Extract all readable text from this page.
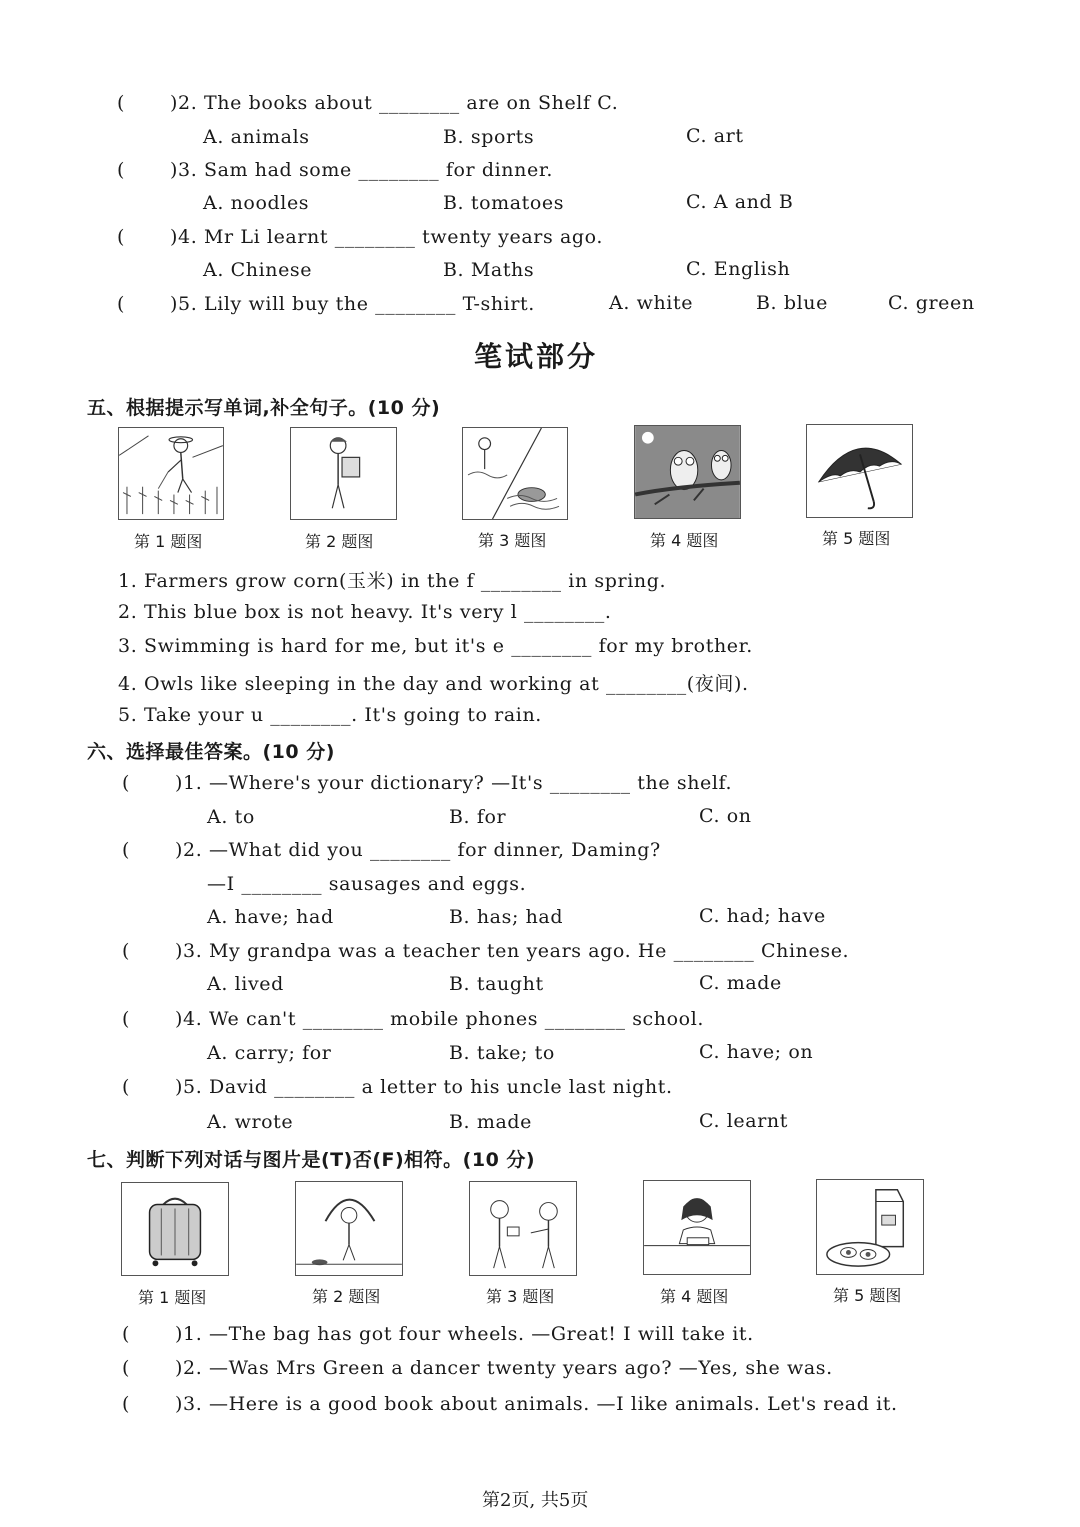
( )2. The books about ________ are on Shelf C.
A. animals	B. sports	C. art
( )3. Sam had some ________ for dinner.
A. noodles	B. tomatoes	C. A and B
( )4. Mr Li learnt ________ twenty years ago.
A. Chinese	B. Maths	C. English
( )5. Lily will buy the ________ T-shirt.	A. white	B. blue	C. green
笔试部分
五、根据提示写单词,补全句子。(10 分)
第 1 题图	第 2 题图	第 3 题图	第 4 题图	第 5 题图
1. Farmers grow corn(玉米) in the f ________ in spring.
2. This blue box is not heavy. It's very l ________.
3. Swimming is hard for me, but it's e ________ for my brother.
4. Owls like sleeping in the day and working at ________(夜间).
5. Take your u ________. It's going to rain.
六、选择最佳答案。(10 分)
( )1. —Where's your dictionary? —It's ________ the shelf.
A. to	B. for	C. on
( )2. —What did you ________ for dinner, Daming?
—I ________ sausages and eggs.
A. have; had	B. has; had	C. had; have
( )3. My grandpa was a teacher ten years ago. He ________ Chinese.
A. lived	B. taught	C. made
( )4. We can't ________ mobile phones ________ school.
A. carry; for	B. take; to	C. have; on
( )5. David ________ a letter to his uncle last night.
A. wrote	B. made	C. learnt
七、判断下列对话与图片是(T)否(F)相符。(10 分)
第 1 题图	第 2 题图	第 3 题图	第 4 题图	第 5 题图
( )1. —The bag has got four wheels. —Great! I will take it.
( )2. —Was Mrs Green a dancer twenty years ago? —Yes, she was.
( )3. —Here is a good book about animals. —I like animals. Let's read it.
第2页, 共5页
